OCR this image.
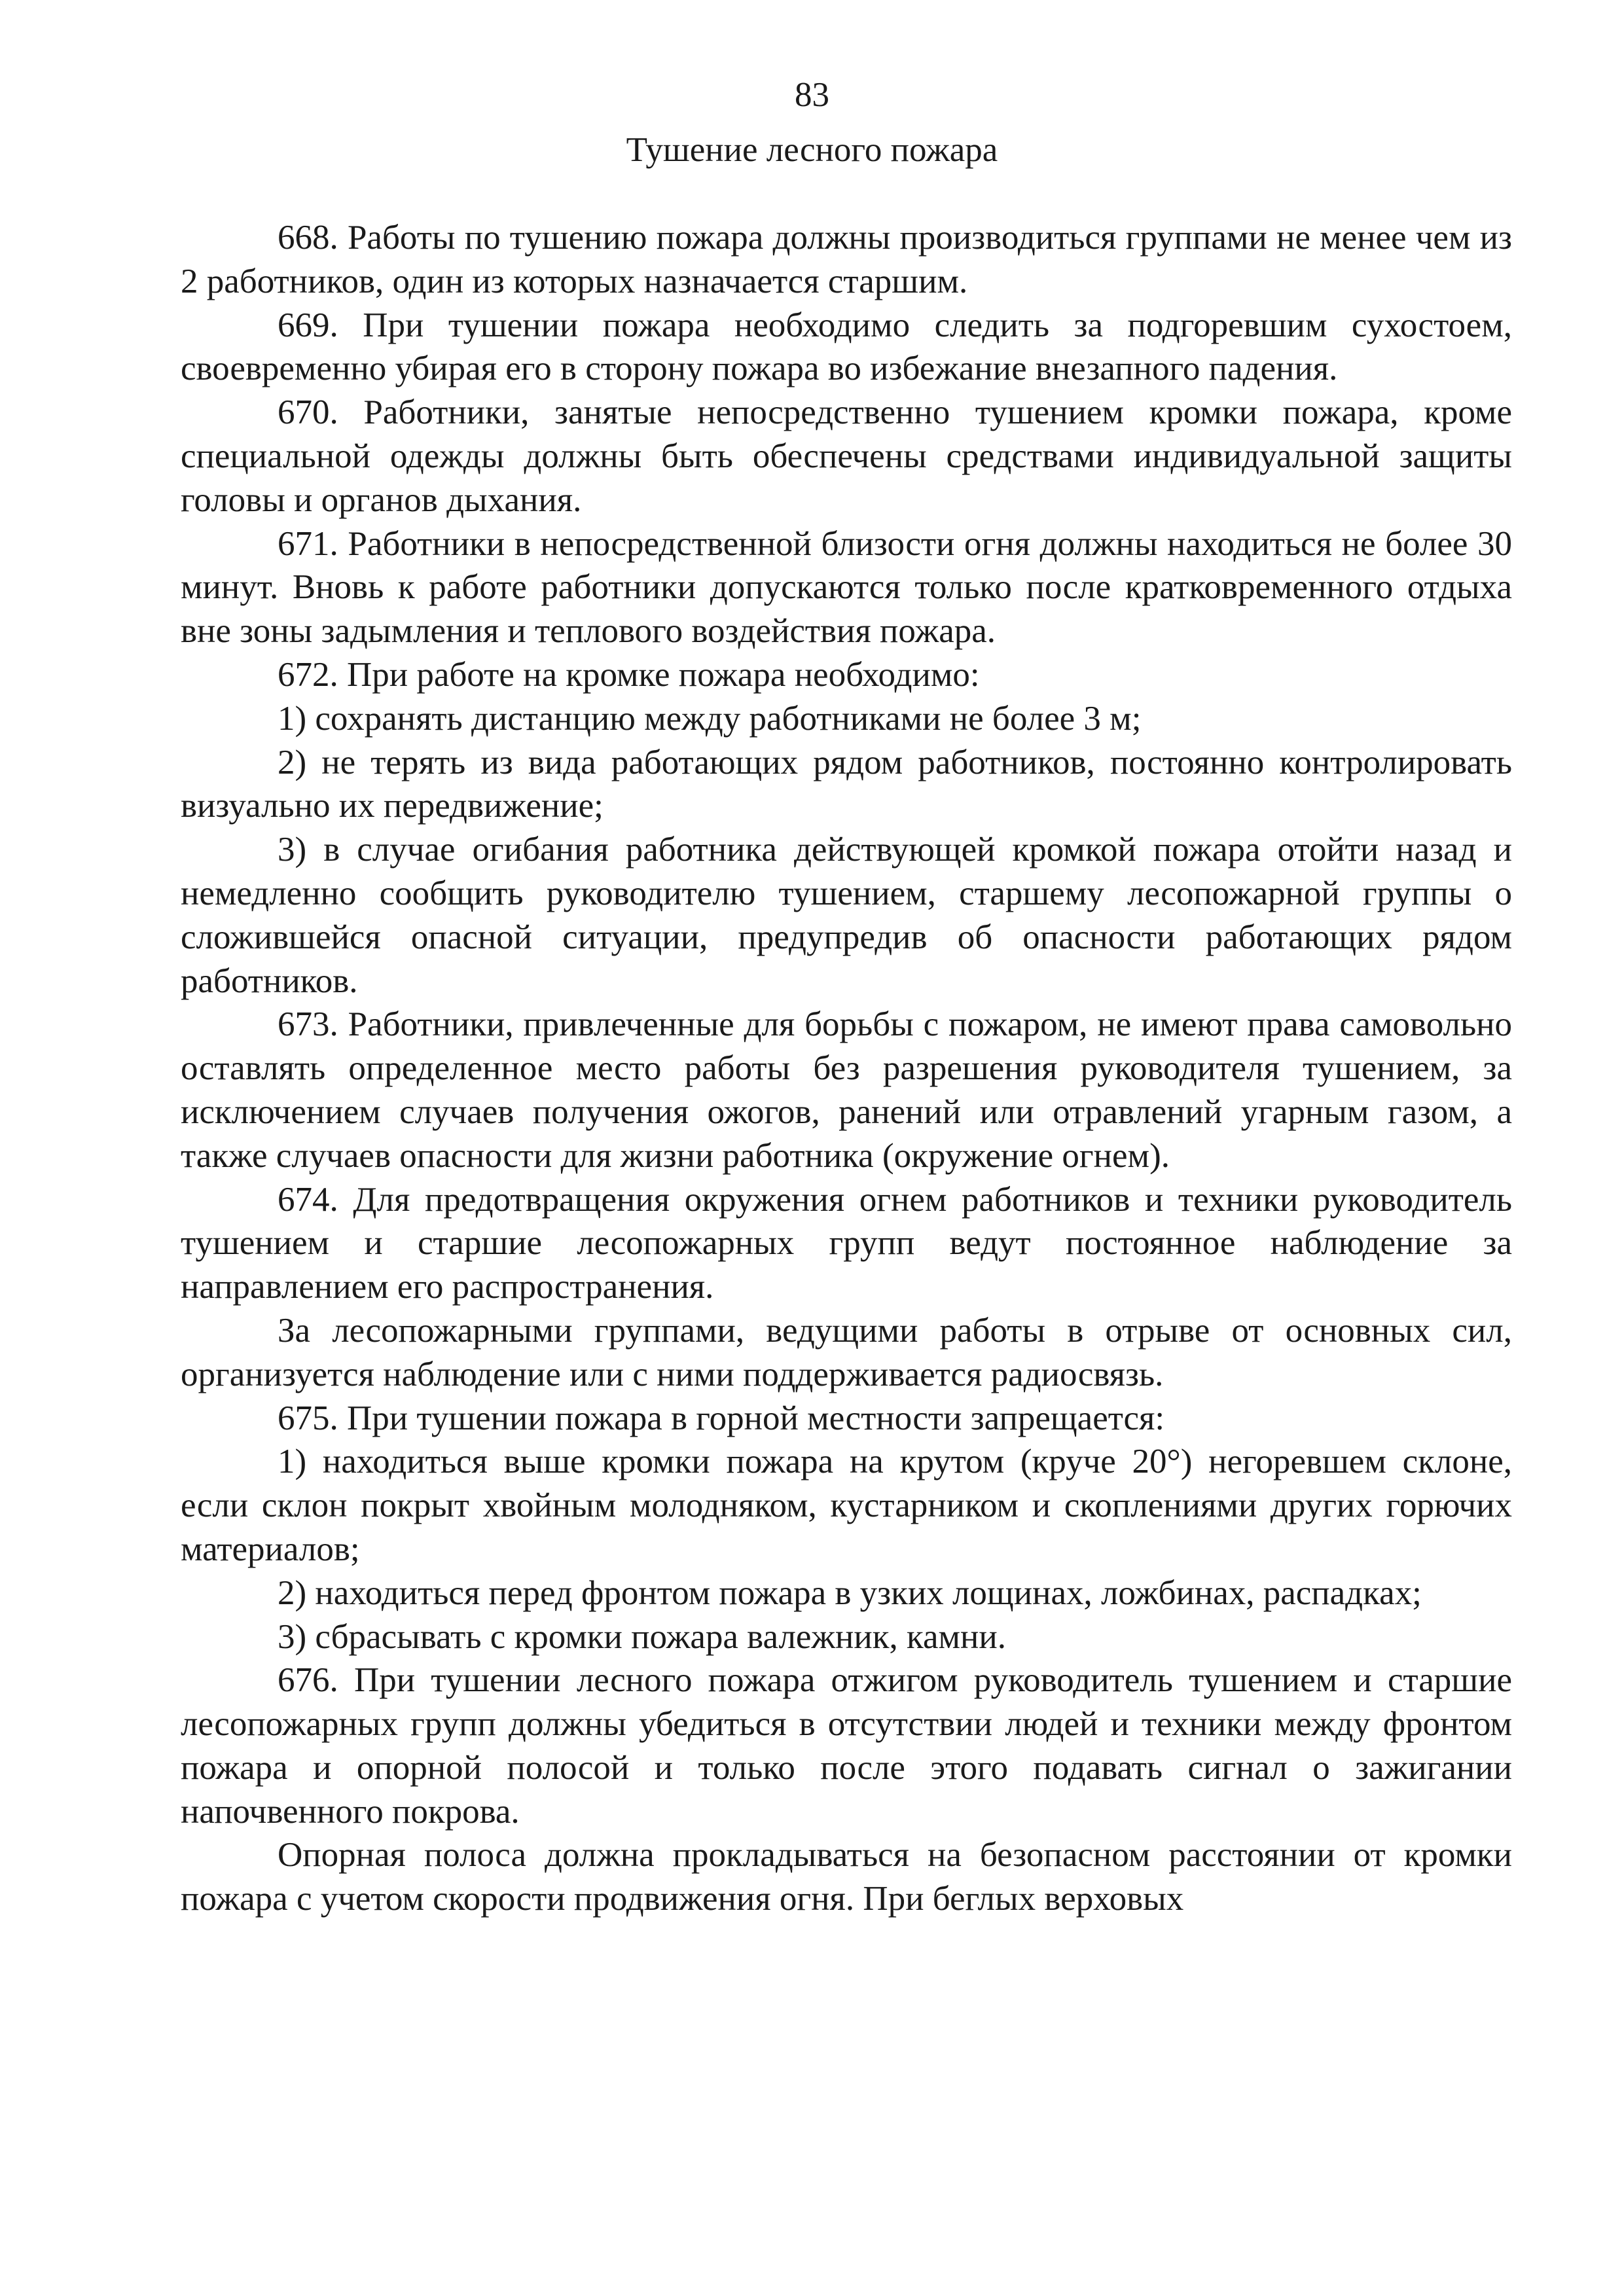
83
Тушение лесного пожара

668. Работы по тушению пожара должны производиться группами не менее чем из 2 работников, один из которых назначается старшим.

669. При тушении пожара необходимо следить за подгоревшим сухостоем, своевременно убирая его в сторону пожара во избежание внезапного падения.

670. Работники, занятые непосредственно тушением кромки пожара, кроме специальной одежды должны быть обеспечены средствами индивидуальной защиты головы и органов дыхания.

671. Работники в непосредственной близости огня должны находиться не более 30 минут. Вновь к работе работники допускаются только после кратковременного отдыха вне зоны задымления и теплового воздействия пожара.

672. При работе на кромке пожара необходимо:

1) сохранять дистанцию между работниками не более 3 м;

2) не терять из вида работающих рядом работников, постоянно контролировать визуально их передвижение;

3) в случае огибания работника действующей кромкой пожара отойти назад и немедленно сообщить руководителю тушением, старшему лесопожарной группы о сложившейся опасной ситуации, предупредив об опасности работающих рядом работников.

673. Работники, привлеченные для борьбы с пожаром, не имеют права самовольно оставлять определенное место работы без разрешения руководителя тушением, за исключением случаев получения ожогов, ранений или отравлений угарным газом, а также случаев опасности для жизни работника (окружение огнем).

674. Для предотвращения окружения огнем работников и техники руководитель тушением и старшие лесопожарных групп ведут постоянное наблюдение за направлением его распространения.

За лесопожарными группами, ведущими работы в отрыве от основных сил, организуется наблюдение или с ними поддерживается радиосвязь.

675. При тушении пожара в горной местности запрещается:

1) находиться выше кромки пожара на крутом (круче 20°) негоревшем склоне, если склон покрыт хвойным молодняком, кустарником и скоплениями других горючих материалов;

2) находиться перед фронтом пожара в узких лощинах, ложбинах, распадках;

3) сбрасывать с кромки пожара валежник, камни.

676. При тушении лесного пожара отжигом руководитель тушением и старшие лесопожарных групп должны убедиться в отсутствии людей и техники между фронтом пожара и опорной полосой и только после этого подавать сигнал о зажигании напочвенного покрова.

Опорная полоса должна прокладываться на безопасном расстоянии от кромки пожара с учетом скорости продвижения огня. При беглых верховых
